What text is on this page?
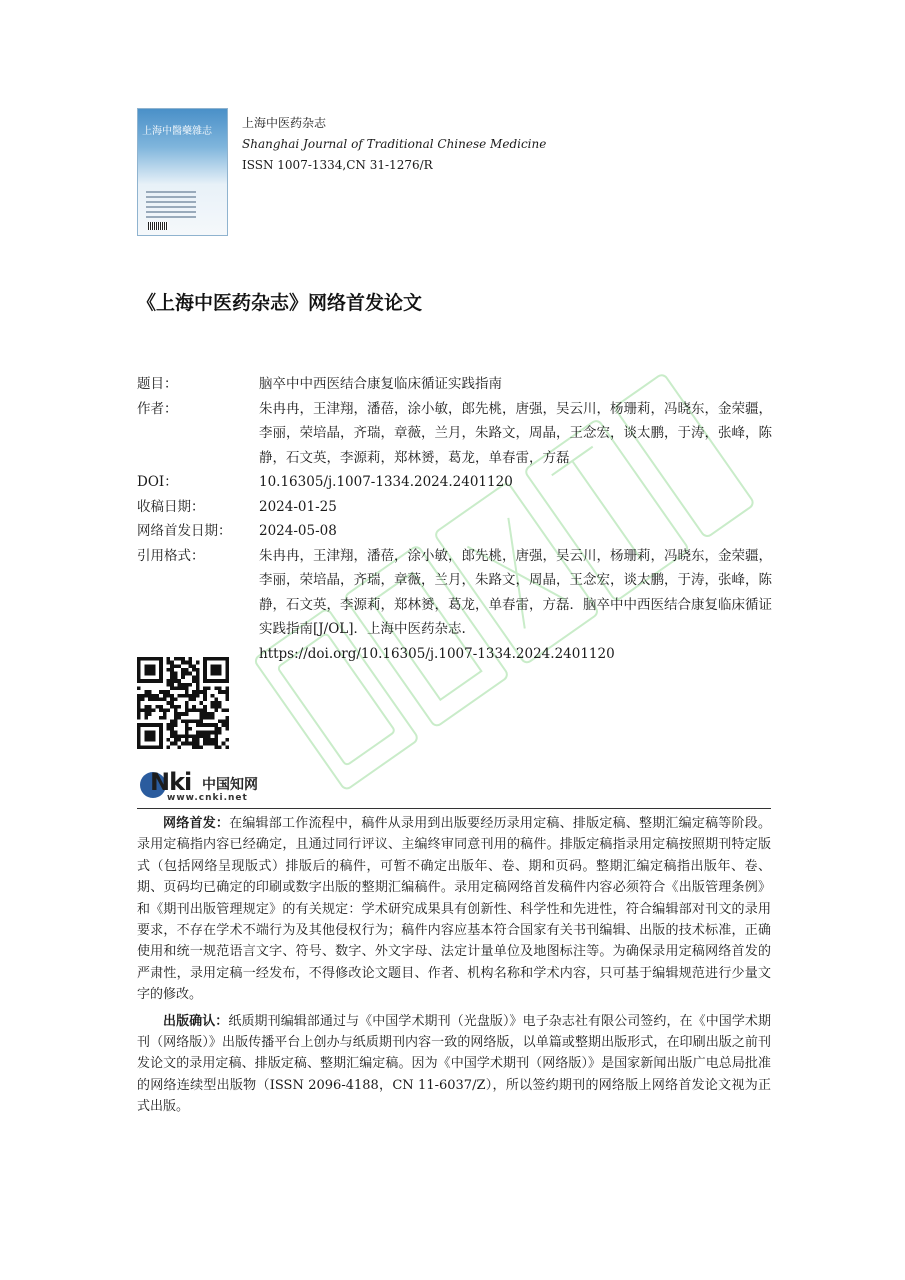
上海中醫藥雜志
上海中医药杂志
Shanghai Journal of Traditional Chinese Medicine
ISSN 1007-1334,CN 31-1276/R
《上海中医药杂志》网络首发论文
题目：	脑卒中中西医结合康复临床循证实践指南
作者：	朱冉冉，王津翔，潘蓓，涂小敏，郎先桃，唐强，吴云川，杨珊莉，冯晓东，金荣疆，李丽，荣培晶，齐瑞，章薇，兰月，朱路文，周晶，王念宏，谈太鹏，于涛，张峰，陈静，石文英，李源莉，郑林赟，葛龙，单春雷，方磊
DOI：	10.16305/j.1007-1334.2024.2401120
收稿日期：	2024-01-25
网络首发日期： 2024-05-08
引用格式：	朱冉冉，王津翔，潘蓓，涂小敏，郎先桃，唐强，吴云川，杨珊莉，冯晓东，金荣疆，李丽，荣培晶，齐瑞，章薇，兰月，朱路文，周晶，王念宏，谈太鹏，于涛，张峰，陈静，石文英，李源莉，郑林赟，葛龙，单春雷，方磊．脑卒中中西医结合康复临床循证实践指南[J/OL]．上海中医药杂志.
https://doi.org/10.16305/j.1007-1334.2024.2401120
Nki 中国知网
www.cnki.net

网络首发：在编辑部工作流程中，稿件从录用到出版要经历录用定稿、排版定稿、整期汇编定稿等阶段。录用定稿指内容已经确定，且通过同行评议、主编终审同意刊用的稿件。排版定稿指录用定稿按照期刊特定版式（包括网络呈现版式）排版后的稿件，可暂不确定出版年、卷、期和页码。整期汇编定稿指出版年、卷、期、页码均已确定的印刷或数字出版的整期汇编稿件。录用定稿网络首发稿件内容必须符合《出版管理条例》和《期刊出版管理规定》的有关规定：学术研究成果具有创新性、科学性和先进性，符合编辑部对刊文的录用要求，不存在学术不端行为及其他侵权行为；稿件内容应基本符合国家有关书刊编辑、出版的技术标准，正确使用和统一规范语言文字、符号、数字、外文字母、法定计量单位及地图标注等。为确保录用定稿网络首发的严肃性，录用定稿一经发布，不得修改论文题目、作者、机构名称和学术内容，只可基于编辑规范进行少量文字的修改。

出版确认：纸质期刊编辑部通过与《中国学术期刊（光盘版）》电子杂志社有限公司签约，在《中国学术期刊（网络版）》出版传播平台上创办与纸质期刊内容一致的网络版，以单篇或整期出版形式，在印刷出版之前刊发论文的录用定稿、排版定稿、整期汇编定稿。因为《中国学术期刊（网络版）》是国家新闻出版广电总局批准的网络连续型出版物（ISSN 2096-4188，CN 11-6037/Z），所以签约期刊的网络版上网络首发论文视为正式出版。
